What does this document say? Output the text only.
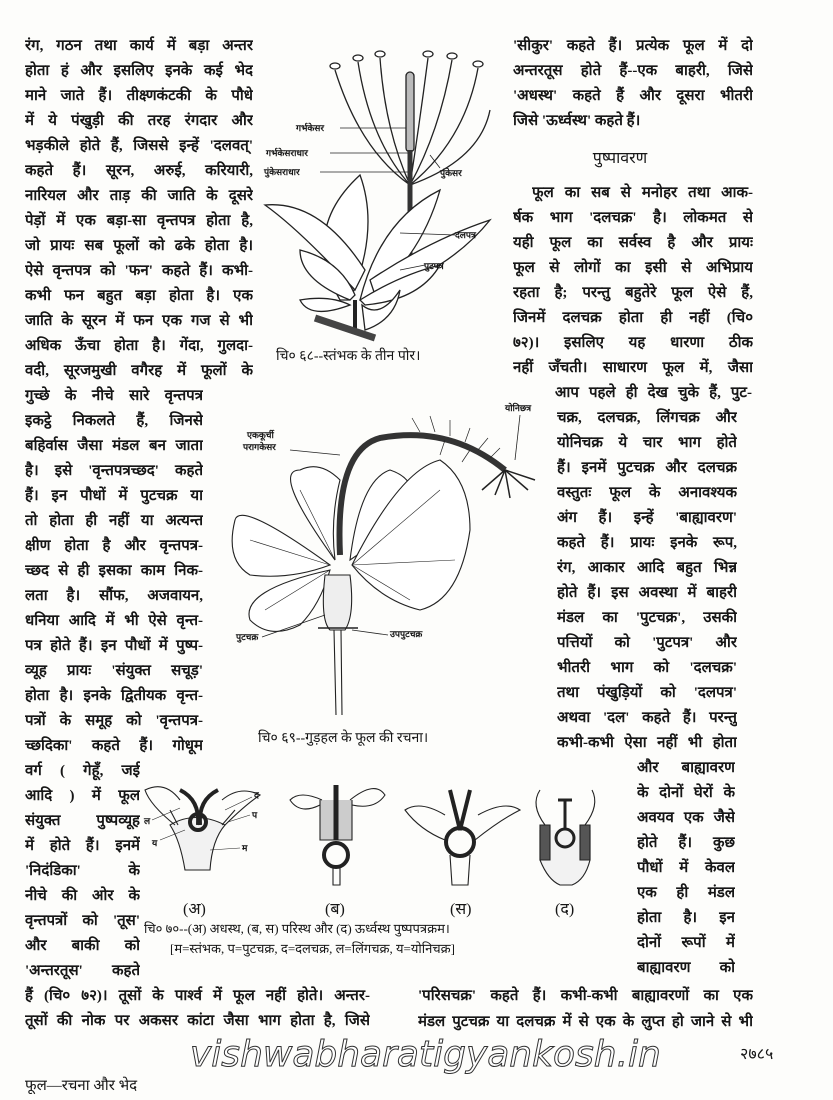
रंग, गठन तथा कार्य में बड़ा अन्तर
होता हं और इसलिए इनके कई भेद
माने जाते हैं। तीक्ष्णकंटकी के पौधे
में ये पंखुड़ी की तरह रंगदार और
भड़कीले होते हैं, जिससे इन्हें 'दलवत्'
कहते हैं। सूरन, अरुई, करियारी,
नारियल और ताड़ की जाति के दूसरे
पेड़ों में एक बड़ा-सा वृन्तपत्र होता है,
जो प्रायः सब फूलों को ढके होता है।
ऐसे वृन्तपत्र को 'फन' कहते हैं। कभी-
कभी फन बहुत बड़ा होता है। एक
जाति के सूरन में फन एक गज से भी
अधिक ऊँचा होता है। गेंदा, गुलदा-
वदी, सूरजमुखी वगैरह में फूलों के
गुच्छे के नीचे सारे वृन्तपत्र
इकट्ठे निकलते हैं, जिनसे
बहिर्वास जैसा मंडल बन जाता
है। इसे 'वृन्तपत्रच्छद' कहते
हैं। इन पौधों में पुटचक्र या
तो होता ही नहीं या अत्यन्त
क्षीण होता है और वृन्तपत्र-
च्छद से ही इसका काम निक-
लता है। सौंफ, अजवायन,
धनिया आदि में भी ऐसे वृन्त-
पत्र होते हैं। इन पौधों में पुष्प-
व्यूह प्रायः 'संयुक्त सचूड़'
होता है। इनके द्वितीयक वृन्त-
पत्रों के समूह को 'वृन्तपत्र-
च्छदिका' कहते हैं। गोधूम
वर्ग ( गेहूँ, जई
आदि ) में फूल
संयुक्त पुष्पव्यूह
में होते हैं। इनमें
'निदंडिका' के
नीचे की ओर के
वृन्तपत्रों को 'तूस'
और बाकी को
'अन्तरतूस' कहते
हैं (चि० ७२)। तूसों के पार्श्व में फूल नहीं होते। अन्तर-
तूसों की नोक पर अकसर कांटा जैसा भाग होता है, जिसे
पुष्पावरण
'सीकुर' कहते हैं। प्रत्येक फूल में दो
अन्तरतूस होते हैं--एक बाहरी, जिसे
'अधस्थ' कहते हैं और दूसरा भीतरी
जिसे 'ऊर्ध्वस्थ' कहते हैं।
फूल का सब से मनोहर तथा आक-
र्षक भाग 'दलचक्र' है। लोकमत से
यही फूल का सर्वस्व है और प्रायः
फूल से लोगों का इसी से अभिप्राय
रहता है; परन्तु बहुतेरे फूल ऐसे हैं,
जिनमें दलचक्र होता ही नहीं (चि०
७२)। इसलिए यह धारणा ठीक
नहीं जँचती। साधारण फूल में, जैसा
आप पहले ही देख चुके हैं, पुट-
चक्र, दलचक्र, लिंगचक्र और
योनिचक्र ये चार भाग होते
हैं। इनमें पुटचक्र और दलचक्र
वस्तुतः फूल के अनावश्यक
अंग हैं। इन्हें 'बाह्यावरण'
कहते हैं। प्रायः इनके रूप,
रंग, आकार आदि बहुत भिन्न
होते हैं। इस अवस्था में बाहरी
मंडल का 'पुटचक्र', उसकी
पत्तियों को 'पुटपत्र' और
भीतरी भाग को 'दलचक्र'
तथा पंखुड़ियों को 'दलपत्र'
अथवा 'दल' कहते हैं। परन्तु
कभी-कभी ऐसा नहीं भी होता
और बाह्यावरण
के दोनों घेरों के
अवयव एक जैसे
होते हैं। कुछ
पौधों में केवल
एक ही मंडल
होता है। इन
दोनों रूपों में
बाह्यावरण को
'परिसचक्र' कहते हैं। कभी-कभी बाह्यावरणों का एक
मंडल पुटचक्र या दलचक्र में से एक के लुप्त हो जाने से भी
गर्भकेसर
गर्भकेसराधार
पुंकेसराधार	पुंकेसर
दलपत्र
पुटपत्र
चि० ६८--स्तंभक के तीन पोर।
एककूर्ची
परागकेसर
योनिछत्र
पुटचक्र	उपपुटचक्र
चि० ६९--गुड़हल के फूल की रचना।
ल
द
प
य	म
(अ)	(ब)	(स)	(द)
चि० ७०--(अ) अधस्थ, (ब, स) परिस्थ और (द) ऊर्ध्वस्थ पुष्पपत्रक्रम।
[म=स्तंभक, प=पुटचक्र, द=दलचक्र, ल=लिंगचक्र, य=योनिचक्र]
vishwabharatigyankosh.in
फूल—रचना और भेद
२७८५
